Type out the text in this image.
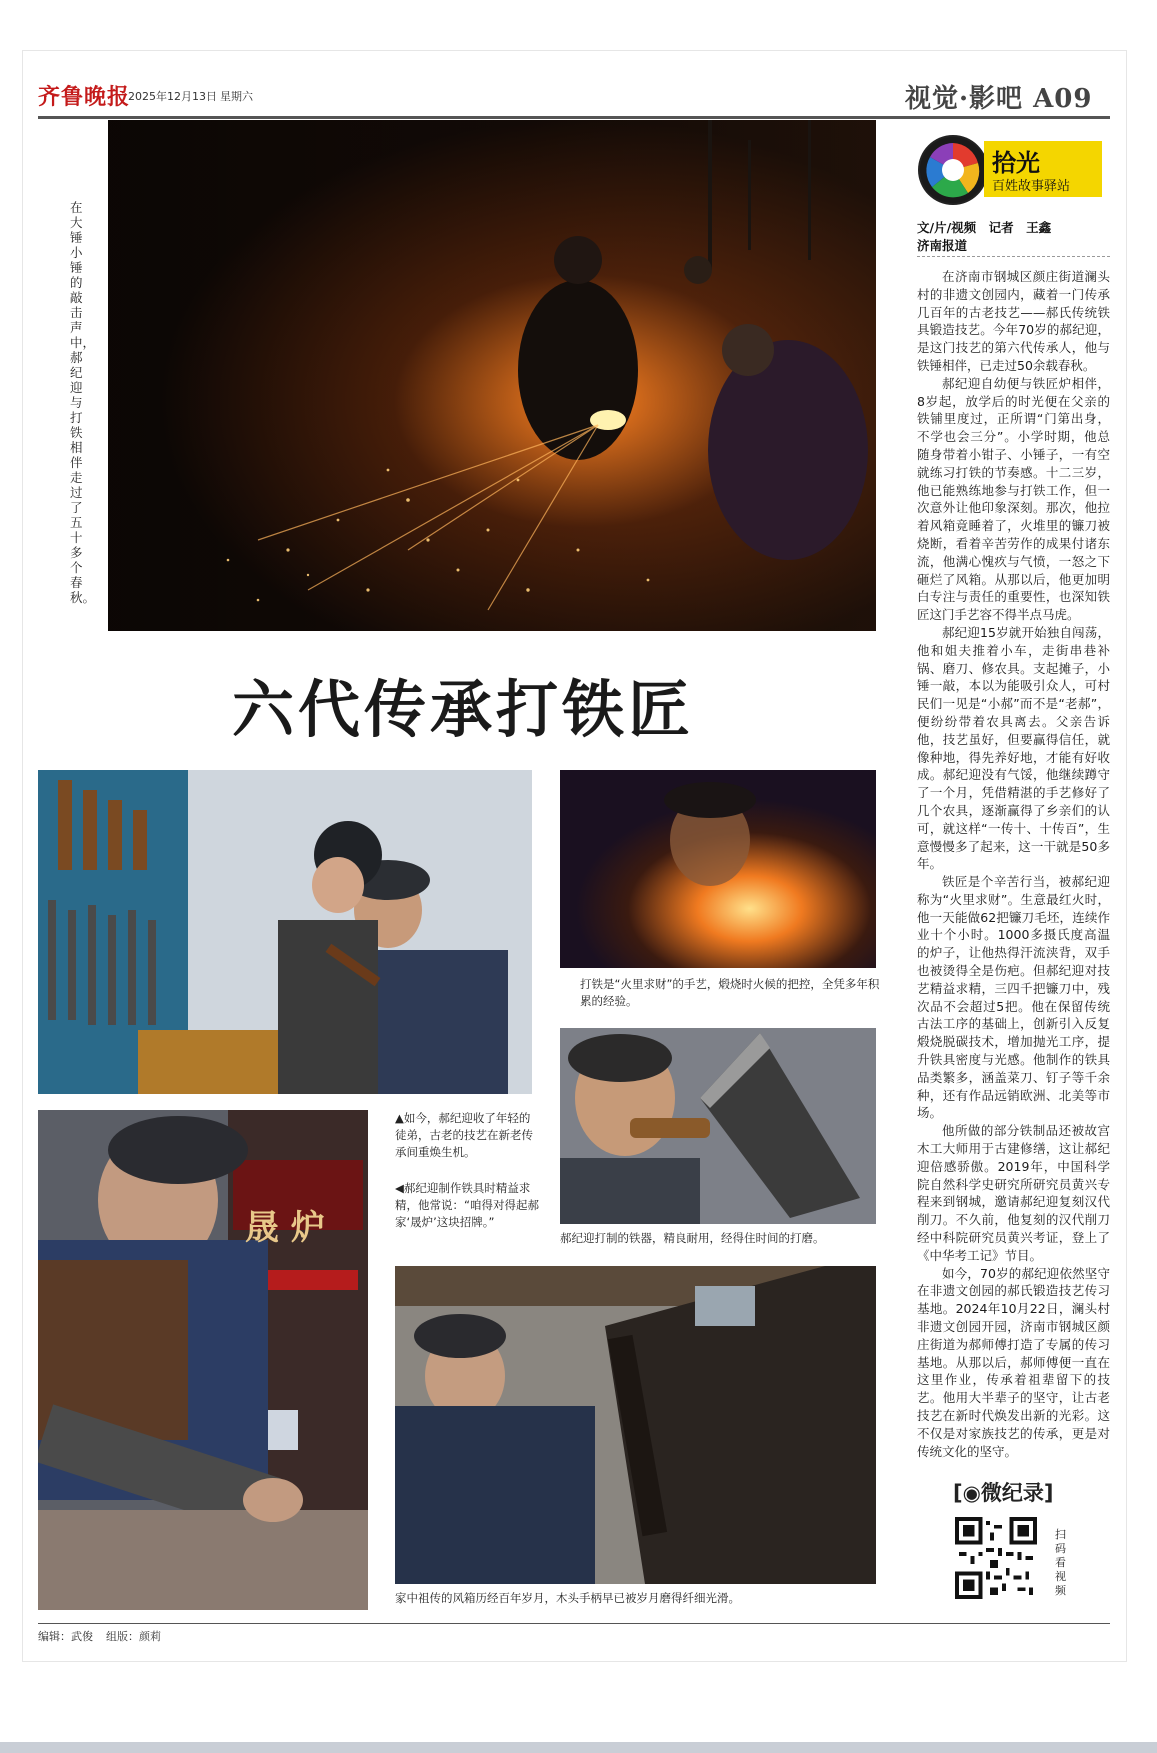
齐鲁晚报
2025年12月13日 星期六	视觉·影吧 A09
在大锤小锤的敲击声中，郝纪迎与打铁相伴走过了五十多个春秋。
六代传承打铁匠
打铁是“火里求财”的手艺，煅烧时火候的把控，全凭多年积累的经验。
郝纪迎打制的铁器，精良耐用，经得住时间的打磨。
▲如今，郝纪迎收了年轻的徒弟，古老的技艺在新老传承间重焕生机。
◀郝纪迎制作铁具时精益求精，他常说：“咱得对得起郝家‘晟炉’这块招牌。”
晟 炉
家中祖传的风箱历经百年岁月，木头手柄早已被岁月磨得纤细光滑。
拾光
百姓故事驿站
文/片/视频　记者　王鑫
济南报道

在济南市钢城区颜庄街道澜头村的非遗文创园内，藏着一门传承几百年的古老技艺——郝氏传统铁具锻造技艺。今年70岁的郝纪迎，是这门技艺的第六代传承人，他与铁锤相伴，已走过50余载春秋。

郝纪迎自幼便与铁匠炉相伴，8岁起，放学后的时光便在父亲的铁铺里度过，正所谓“门第出身，不学也会三分”。小学时期，他总随身带着小钳子、小锤子，一有空就练习打铁的节奏感。十二三岁，他已能熟练地参与打铁工作，但一次意外让他印象深刻。那次，他拉着风箱竟睡着了，火堆里的镰刀被烧断，看着辛苦劳作的成果付诸东流，他满心愧疚与气愤，一怒之下砸烂了风箱。从那以后，他更加明白专注与责任的重要性，也深知铁匠这门手艺容不得半点马虎。

郝纪迎15岁就开始独自闯荡，他和姐夫推着小车，走街串巷补锅、磨刀、修农具。支起摊子，小锤一敲，本以为能吸引众人，可村民们一见是“小郝”而不是“老郝”，便纷纷带着农具离去。父亲告诉他，技艺虽好，但要赢得信任，就像种地，得先养好地，才能有好收成。郝纪迎没有气馁，他继续蹲守了一个月，凭借精湛的手艺修好了几个农具，逐渐赢得了乡亲们的认可，就这样“一传十、十传百”，生意慢慢多了起来，这一干就是50多年。

铁匠是个辛苦行当，被郝纪迎称为“火里求财”。生意最红火时，他一天能做62把镰刀毛坯，连续作业十个小时。1000多摄氏度高温的炉子，让他热得汗流浃背，双手也被烫得全是伤疤。但郝纪迎对技艺精益求精，三四千把镰刀中，残次品不会超过5把。他在保留传统古法工序的基础上，创新引入反复煅烧脱碳技术，增加抛光工序，提升铁具密度与光感。他制作的铁具品类繁多，涵盖菜刀、钉子等千余种，还有作品远销欧洲、北美等市场。

他所做的部分铁制品还被故宫木工大师用于古建修缮，这让郝纪迎倍感骄傲。2019年，中国科学院自然科学史研究所研究员黄兴专程来到钢城，邀请郝纪迎复刻汉代削刀。不久前，他复刻的汉代削刀经中科院研究员黄兴考证，登上了《中华考工记》节目。

如今，70岁的郝纪迎依然坚守在非遗文创园的郝氏锻造技艺传习基地。2024年10月22日，澜头村非遗文创园开园，济南市钢城区颜庄街道为郝师傅打造了专属的传习基地。从那以后，郝师傅便一直在这里作业，传承着祖辈留下的技艺。他用大半辈子的坚守，让古老技艺在新时代焕发出新的光彩。这不仅是对家族技艺的传承，更是对传统文化的坚守。

[◉微纪录]
扫码看视频
编辑：武俊 组版：颜莉
